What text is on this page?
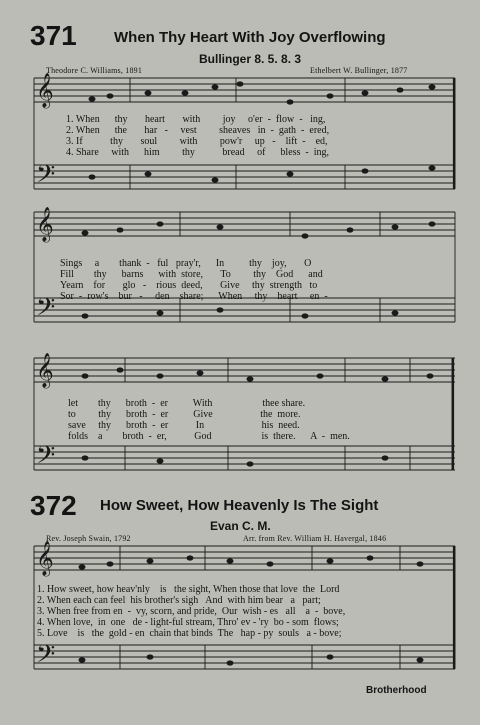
371 When Thy Heart With Joy Overflowing
Bullinger 8. 5. 8. 3
Theodore C. Williams, 1891	Ethelbert W. Bullinger, 1877
𝄞
𝄢
𝄞
𝄢
𝄞
𝄢
𝄞
𝄢
1. When      thy       heart       with         joy     o'er  -  flow  -   ing,
2. When      the       har   -     vest         sheaves   in  -  gath  -  ered,
3. If           thy       soul         with         pow'r     up   -    lift  -    ed,
4. Share     with      him         thy           bread     of      bless  -  ing,
Sings     a        thank  -   ful   pray'r,      In          thy    joy,       O
Fill        thy      barns      with  store,       To         thy    God      and
Yearn    for       glo   -    rious  deed,       Give     thy  strength   to
Sor  -  row's    bur   -     den    share;      When     thy    heart     en  -
let        thy      broth  -  er          With                    thee share.
to         thy      broth  -  er          Give                   the  more.
save     thy      broth  -  er           In                       his  need.
folds    a        broth  -  er,           God                    is  there.      A  -  men.
372 How Sweet, How Heavenly Is The Sight
Evan C. M.
Rev. Joseph Swain, 1792	Arr. from Rev. William H. Havergal, 1846
1. How sweet, how heav'nly    is   the sight, When those that love  the  Lord
2. When each can feel  his brother's sigh   And  with him bear   a   part;
3. When free from en  -  vy, scorn, and pride,  Our  wish - es   all    a  -  bove,
4. When love,  in  one   de - light-ful stream, Thro' ev - 'ry  bo - som  flows;
5. Love    is   the  gold - en  chain that binds  The   hap - py  souls   a - bove;
Brotherhood
